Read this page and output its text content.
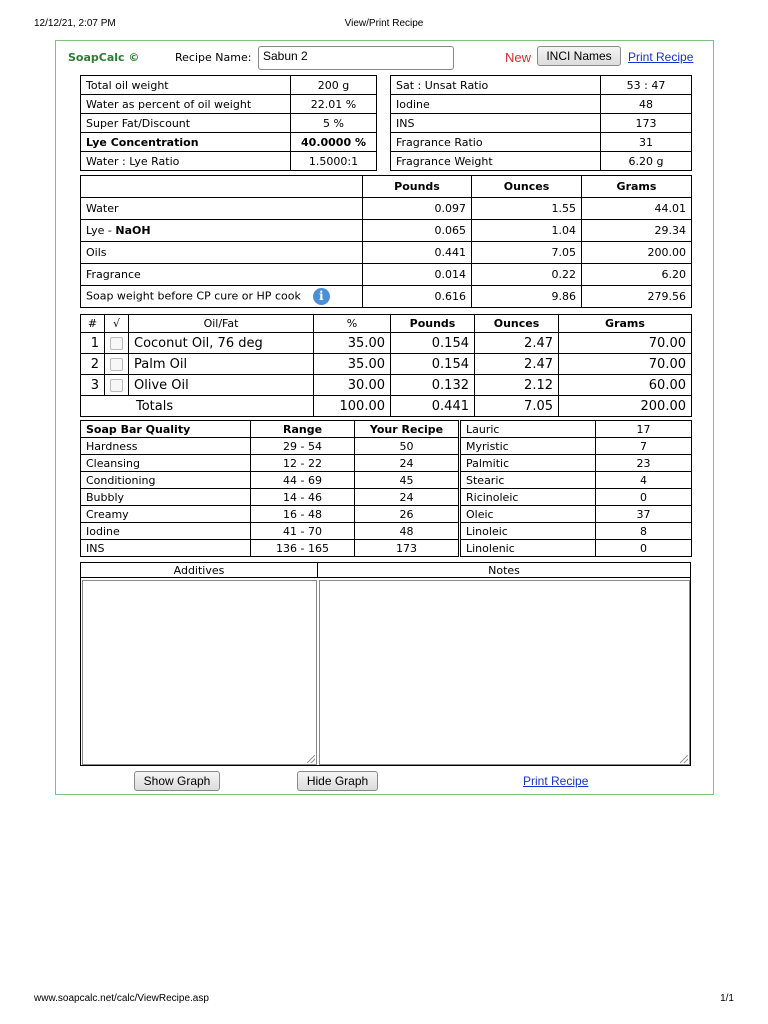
12/12/21, 2:07 PM	View/Print Recipe
SoapCalc ©	Recipe Name: Sabun 2	New	INCI Names	Print Recipe
Total oil weight	200 g
Water as percent of oil weight	22.01 %
Super Fat/Discount	5 %
Lye Concentration	40.0000 %
Water : Lye Ratio	1.5000:1
Sat : Unsat Ratio	53 : 47
Iodine	48
INS	173
Fragrance Ratio	31
Fragrance Weight	6.20 g
	Pounds	Ounces	Grams
Water	0.097	1.55	44.01
Lye - NaOH	0.065	1.04	29.34
Oils	0.441	7.05	200.00
Fragrance	0.014	0.22	6.20
Soap weight before CP cure or HP cook i	0.616	9.86	279.56
#	√	Oil/Fat	%	Pounds	Ounces	Grams
1		Coconut Oil, 76 deg	35.00	0.154	2.47	70.00
2		Palm Oil	35.00	0.154	2.47	70.00
3		Olive Oil	30.00	0.132	2.12	60.00
Totals			100.00	0.441	7.05	200.00
Soap Bar Quality	Range	Your Recipe
Hardness	29 - 54	50
Cleansing	12 - 22	24
Conditioning	44 - 69	45
Bubbly	14 - 46	24
Creamy	16 - 48	26
Iodine	41 - 70	48
INS	136 - 165	173
Lauric	17
Myristic	7
Palmitic	23
Stearic	4
Ricinoleic	0
Oleic	37
Linoleic	8
Linolenic	0
Additives	Notes
Show Graph	Hide Graph	Print Recipe
www.soapcalc.net/calc/ViewRecipe.asp	1/1
